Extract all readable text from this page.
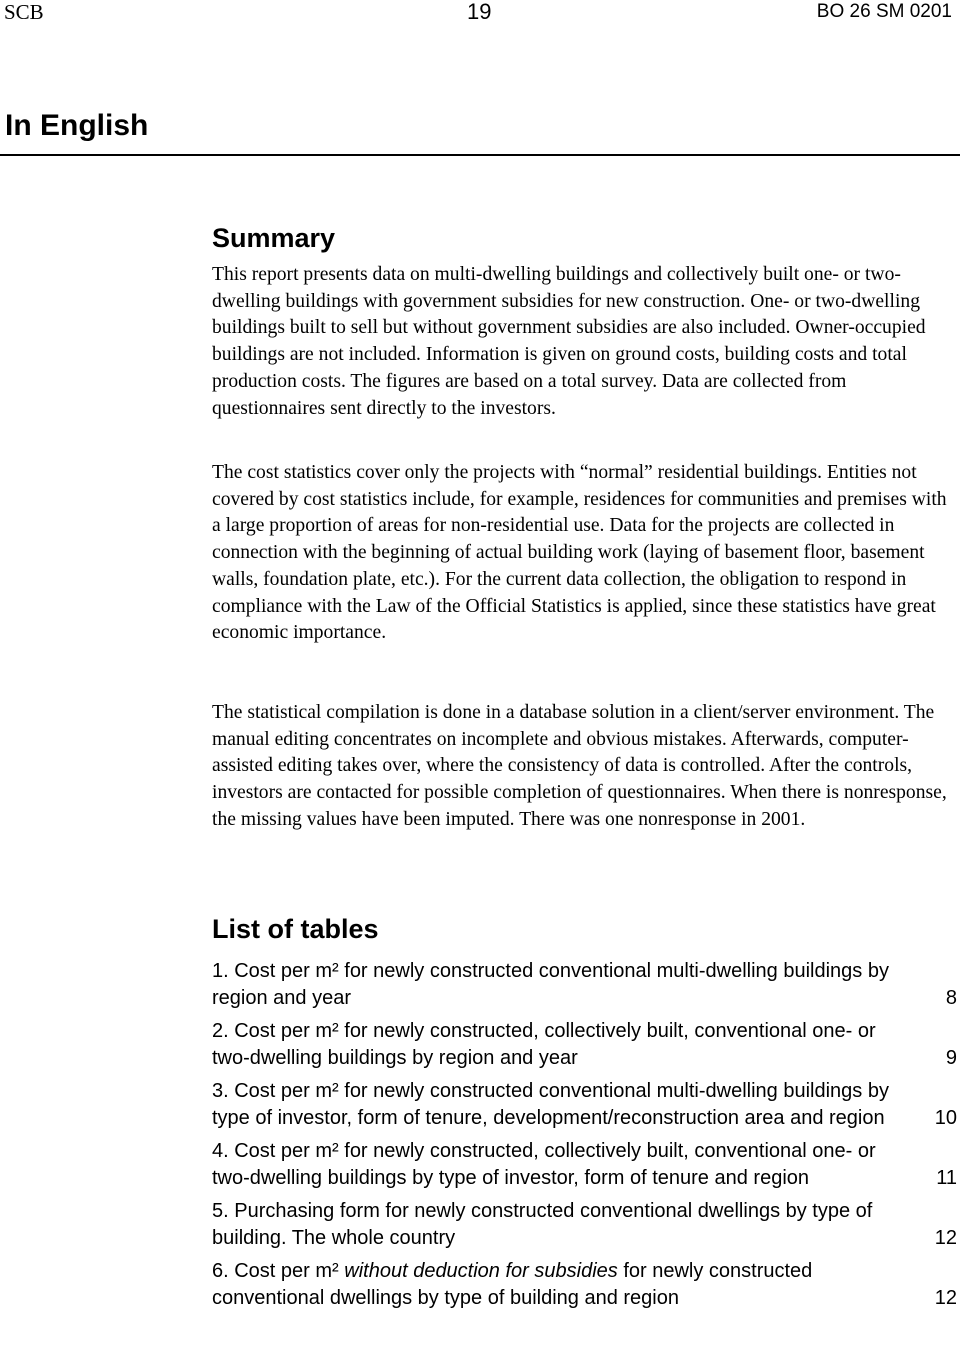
SCB	19	BO 26 SM 0201
In English
Summary

This report presents data on multi-dwelling buildings and collectively built one- or two-dwelling buildings with government subsidies for new construction. One- or two-dwelling buildings built to sell but without government subsidies are also included. Owner-occupied buildings are not included. Information is given on ground costs, building costs and total production costs. The figures are based on a total survey. Data are collected from questionnaires sent directly to the investors.

The cost statistics cover only the projects with “normal” residential buildings. Entities not covered by cost statistics include, for example, residences for communities and premises with a large proportion of areas for non-residential use. Data for the projects are collected in connection with the beginning of actual building work (laying of basement floor, basement walls, foundation plate, etc.). For the current data collection, the obligation to respond in compliance with the Law of the Official Statistics is applied, since these statistics have great economic importance.

The statistical compilation is done in a database solution in a client/server environment. The manual editing concentrates on incomplete and obvious mistakes. Afterwards, computer-assisted editing takes over, where the consistency of data is controlled. After the controls, investors are contacted for possible completion of questionnaires. When there is nonresponse, the missing values have been imputed. There was one nonresponse in 2001.

List of tables
1. Cost per m² for newly constructed conventional multi-dwelling buildings by region and year	8
2. Cost per m² for newly constructed, collectively built, conventional one- or two-dwelling buildings by region and year	9
3. Cost per m² for newly constructed conventional multi-dwelling buildings by type of investor, form of tenure, development/reconstruction area and region	10
4. Cost per m² for newly constructed, collectively built, conventional one- or two-dwelling buildings by type of investor, form of tenure and region	11
5. Purchasing form for newly constructed conventional dwellings by type of building. The whole country	12
6. Cost per m² without deduction for subsidies for newly constructed conventional dwellings by type of building and region	12
